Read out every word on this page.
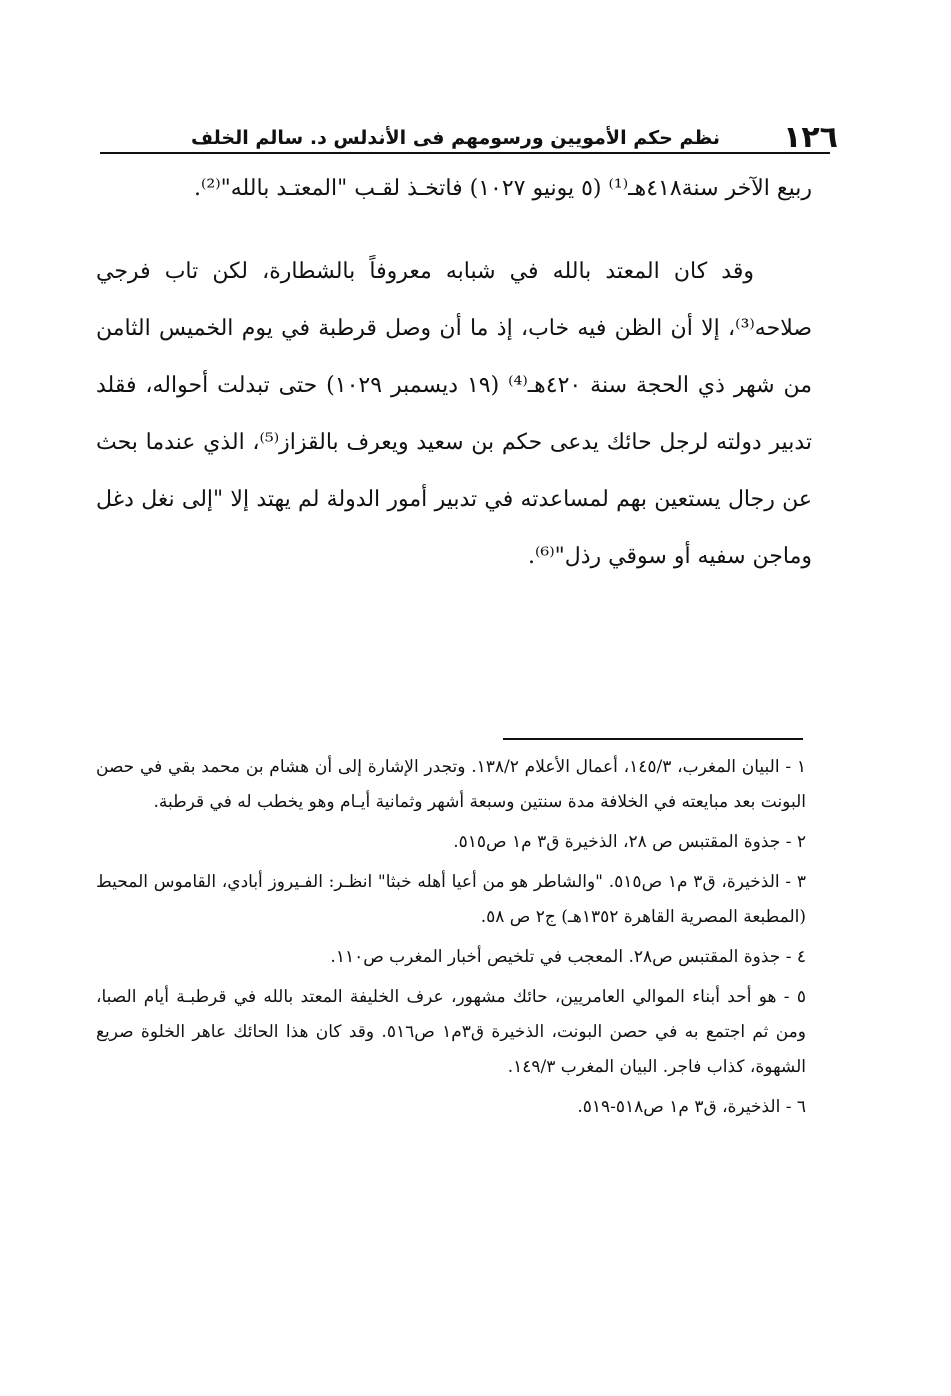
١٢٦
نظم حكم الأمويين ورسومهم فى الأندلس د. سالم الخلف

ربيع الآخر سنة٤١٨هـ⁽¹⁾ (٥ يونيو ١٠٢٧) فاتخـذ لقـب "المعتـد بالله"⁽²⁾.

وقد كان المعتد بالله في شبابه معروفاً بالشطارة، لكن تاب فرجي صلاحه⁽³⁾، إلا أن الظن فيه خاب، إذ ما أن وصل قرطبة في يوم الخميس الثامن من شهر ذي الحجة سنة ٤٢٠هـ⁽⁴⁾ (١٩ ديسمبر ١٠٢٩) حتى تبدلت أحواله، فقلد تدبير دولته لرجل حائك يدعى حكم بن سعيد ويعرف بالقزاز⁽⁵⁾، الذي عندما بحث عن رجال يستعين بهم لمساعدته في تدبير أمور الدولة لم يهتد إلا "إلى نغل دغل وماجن سفيه أو سوقي رذل"⁽⁶⁾.

١ - البيان المغرب، ١٤٥/٣، أعمال الأعلام ١٣٨/٢. وتجدر الإشارة إلى أن هشام بن محمد بقي في حصن البونت بعد مبايعته في الخلافة مدة سنتين وسبعة أشهر وثمانية أيـام وهو يخطب له في قرطبة.

٢ - جذوة المقتبس ص ٢٨، الذخيرة ق٣ م١ ص٥١٥.

٣ - الذخيرة، ق٣ م١ ص٥١٥. "والشاطر هو من أعيا أهله خبثا" انظـر: الفـيروز أبادي، القاموس المحيط (المطبعة المصرية القاهرة ١٣٥٢هـ) ج٢ ص ٥٨.

٤ - جذوة المقتبس ص٢٨. المعجب في تلخيص أخبار المغرب ص١١٠.

٥ - هو أحد أبناء الموالي العامريين، حائك مشهور، عرف الخليفة المعتد بالله في قرطبـة أيام الصبا، ومن ثم اجتمع به في حصن البونت، الذخيرة ق٣م١ ص٥١٦. وقد كان هذا الحائك عاهر الخلوة صريع الشهوة، كذاب فاجر. البيان المغرب ١٤٩/٣.

٦ - الذخيرة، ق٣ م١ ص٥١٨-٥١٩.
